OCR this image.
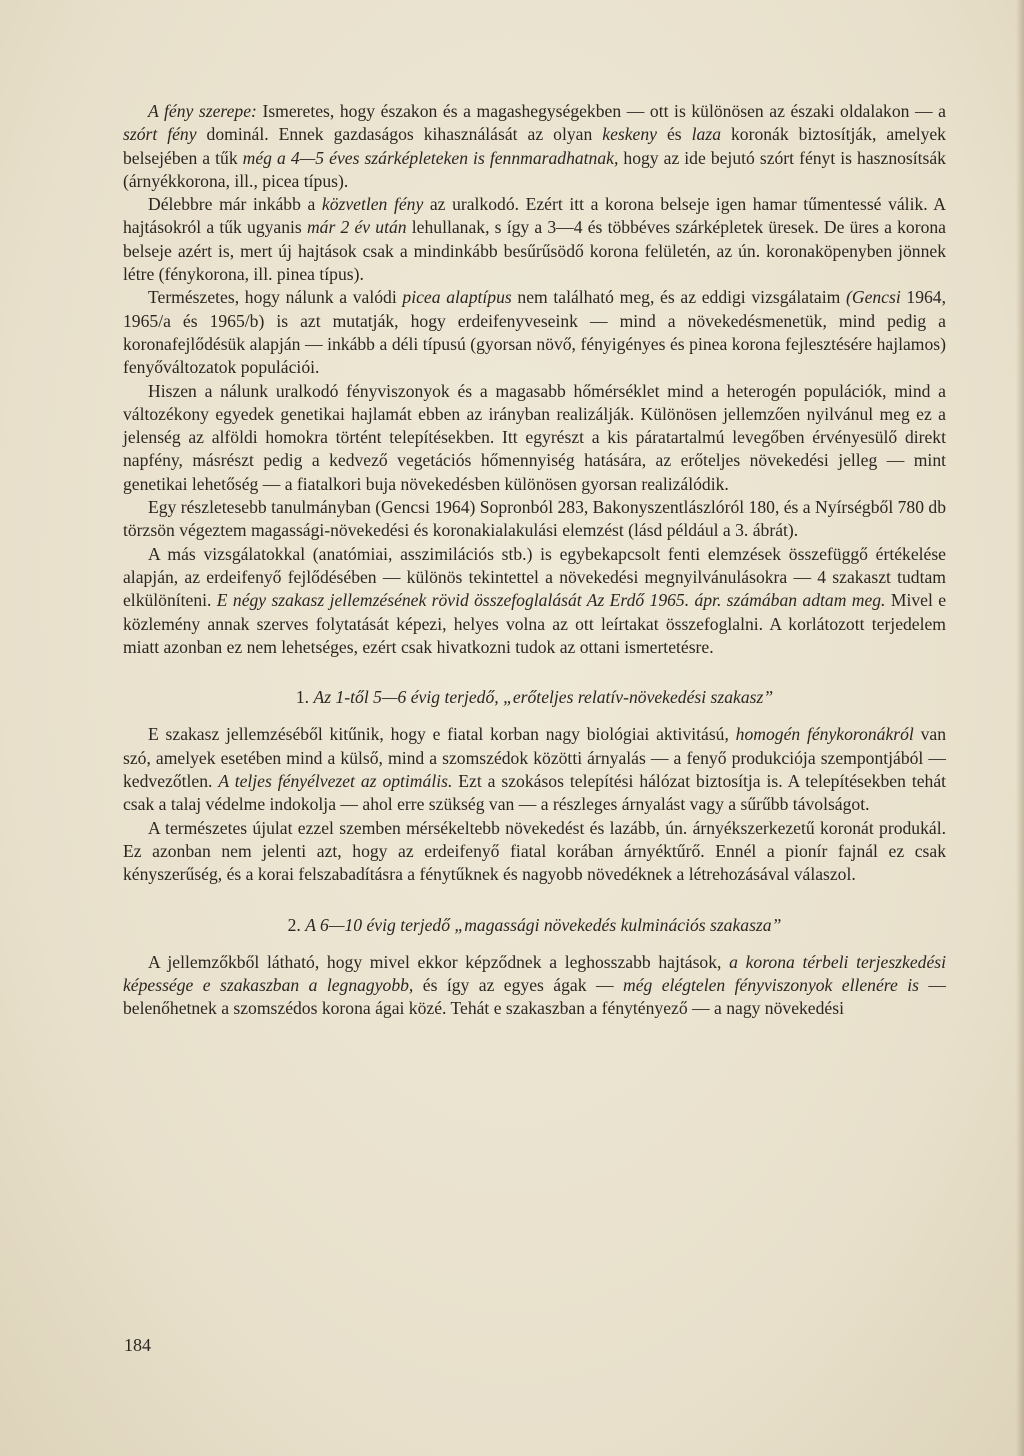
A fény szerepe: Ismeretes, hogy északon és a magashegységekben — ott is különösen az északi oldalakon — a szórt fény dominál. Ennek gazdaságos kihasználását az olyan keskeny és laza koronák biztosítják, amelyek belsejében a tűk még a 4—5 éves szárképleteken is fennmaradhatnak, hogy az ide bejutó szórt fényt is hasznosítsák (árnyékkorona, ill., picea típus).

Délebbre már inkább a közvetlen fény az uralkodó. Ezért itt a korona belseje igen hamar tűmentessé válik. A hajtásokról a tűk ugyanis már 2 év után lehullanak, s így a 3—4 és többéves szárképletek üresek. De üres a korona belseje azért is, mert új hajtások csak a mindinkább besűrűsödő korona felületén, az ún. koronaköpenyben jönnek létre (fénykorona, ill. pinea típus).

Természetes, hogy nálunk a valódi picea alaptípus nem található meg, és az eddigi vizsgálataim (Gencsi 1964, 1965/a és 1965/b) is azt mutatják, hogy erdeifenyveseink — mind a növekedésmenetük, mind pedig a koronafejlődésük alapján — inkább a déli típusú (gyorsan növő, fényigényes és pinea korona fejlesztésére hajlamos) fenyőváltozatok populációi.

Hiszen a nálunk uralkodó fényviszonyok és a magasabb hőmérséklet mind a heterogén populációk, mind a változékony egyedek genetikai hajlamát ebben az irányban realizálják. Különösen jellemzően nyilvánul meg ez a jelenség az alföldi homokra történt telepítésekben. Itt egyrészt a kis páratartalmú levegőben érvényesülő direkt napfény, másrészt pedig a kedvező vegetációs hőmennyiség hatására, az erőteljes növekedési jelleg — mint genetikai lehetőség — a fiatalkori buja növekedésben különösen gyorsan realizálódik.

Egy részletesebb tanulmányban (Gencsi 1964) Sopronból 283, Bakonyszentlászlóról 180, és a Nyírségből 780 db törzsön végeztem magassági-növekedési és koronakialakulási elemzést (lásd például a 3. ábrát).

A más vizsgálatokkal (anatómiai, asszimilációs stb.) is egybekapcsolt fenti elemzések összefüggő értékelése alapján, az erdeifenyő fejlődésében — különös tekintettel a növekedési megnyilvánulásokra — 4 szakaszt tudtam elkülöníteni. E négy szakasz jellemzésének rövid összefoglalását Az Erdő 1965. ápr. számában adtam meg. Mivel e közlemény annak szerves folytatását képezi, helyes volna az ott leírtakat összefoglalni. A korlátozott terjedelem miatt azonban ez nem lehetséges, ezért csak hivatkozni tudok az ottani ismertetésre.

1. Az 1-től 5—6 évig terjedő, „erőteljes relatív-növekedési szakasz”

E szakasz jellemzéséből kitűnik, hogy e fiatal korban nagy biológiai aktivitású, homogén fénykoronákról van szó, amelyek esetében mind a külső, mind a szomszédok közötti árnyalás — a fenyő produkciója szempontjából — kedvezőtlen. A teljes fényélvezet az optimális. Ezt a szokásos telepítési hálózat biztosítja is. A telepítésekben tehát csak a talaj védelme indokolja — ahol erre szükség van — a részleges árnyalást vagy a sűrűbb távolságot.

A természetes újulat ezzel szemben mérsékeltebb növekedést és lazább, ún. árnyékszerkezetű koronát produkál. Ez azonban nem jelenti azt, hogy az erdeifenyő fiatal korában árnyéktűrő. Ennél a pionír fajnál ez csak kényszerűség, és a korai felszabadításra a fénytűknek és nagyobb növedéknek a létrehozásával válaszol.

2. A 6—10 évig terjedő „magassági növekedés kulminációs szakasza”

A jellemzőkből látható, hogy mivel ekkor képződnek a leghosszabb hajtások, a korona térbeli terjeszkedési képessége e szakaszban a legnagyobb, és így az egyes ágak — még elégtelen fényviszonyok ellenére is — belenőhetnek a szomszédos korona ágai közé. Tehát e szakaszban a fénytényező — a nagy növekedési

184
